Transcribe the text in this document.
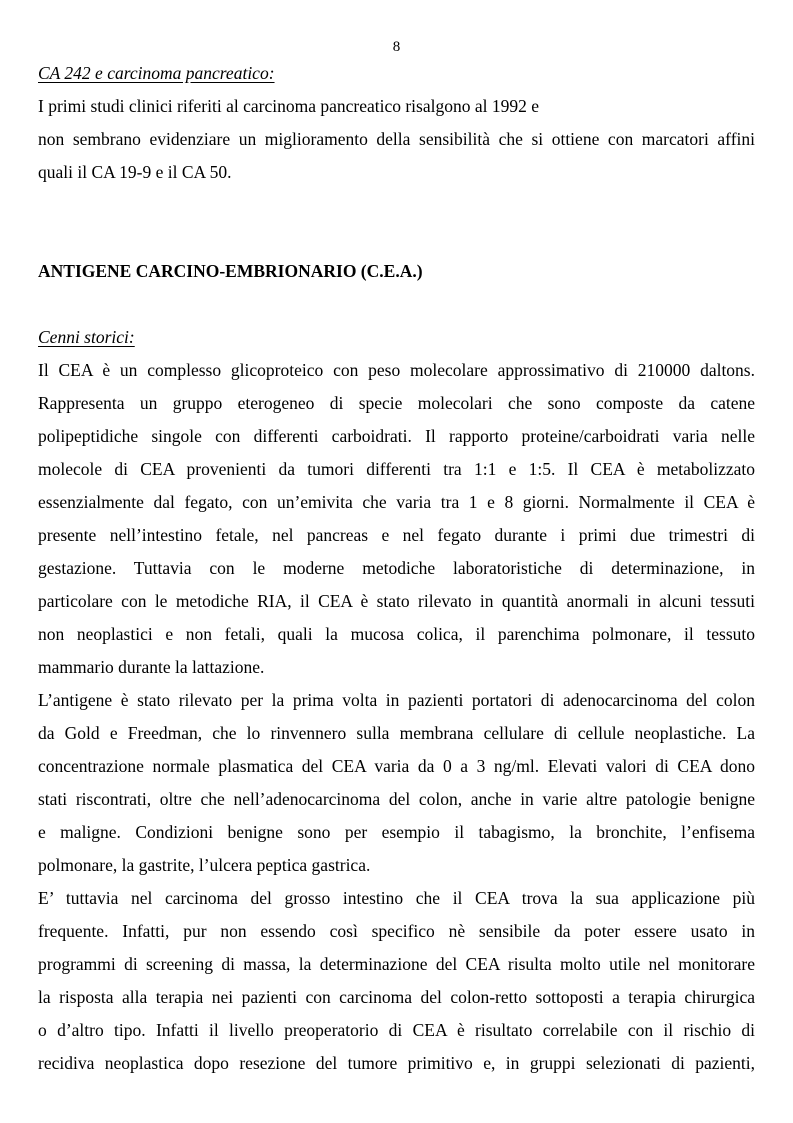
8
CA 242 e carcinoma pancreatico:
I primi studi clinici riferiti al carcinoma pancreatico risalgono al 1992 e
non sembrano evidenziare un miglioramento della sensibilità che si ottiene con marcatori affini
quali il CA 19-9 e il CA 50.
ANTIGENE CARCINO-EMBRIONARIO (C.E.A.)
Cenni storici:
Il CEA è un complesso glicoproteico con peso molecolare approssimativo di 210000 daltons.
Rappresenta un gruppo eterogeneo di specie molecolari che sono composte da catene
polipeptidiche singole con differenti carboidrati. Il rapporto proteine/carboidrati varia nelle
molecole di CEA provenienti da tumori differenti tra 1:1 e 1:5. Il CEA è metabolizzato
essenzialmente dal fegato, con un’emivita che varia tra 1 e 8 giorni. Normalmente il CEA è
presente nell’intestino fetale, nel pancreas e nel fegato durante i primi due trimestri di
gestazione. Tuttavia con le moderne metodiche laboratoristiche di determinazione, in
particolare con le metodiche RIA, il CEA è stato rilevato in quantità anormali in alcuni tessuti
non neoplastici e non fetali, quali la mucosa colica, il parenchima polmonare, il tessuto
mammario durante la lattazione.
L’antigene è stato rilevato per la prima volta in pazienti portatori di adenocarcinoma del colon
da Gold e Freedman, che lo rinvennero sulla membrana cellulare di cellule neoplastiche. La
concentrazione normale plasmatica del CEA varia da 0 a 3 ng/ml. Elevati valori di CEA dono
stati riscontrati, oltre che nell’adenocarcinoma del colon, anche in varie altre patologie benigne
e maligne. Condizioni benigne sono per esempio il tabagismo, la bronchite, l’enfisema
polmonare, la gastrite, l’ulcera peptica gastrica.
E’ tuttavia nel carcinoma del grosso intestino che il CEA trova la sua applicazione più
frequente. Infatti, pur non essendo così specifico nè sensibile da poter essere usato in
programmi di screening di massa, la determinazione del CEA risulta molto utile nel monitorare
la risposta alla terapia nei pazienti con carcinoma del colon-retto sottoposti a terapia chirurgica
o d’altro tipo. Infatti il livello preoperatorio di CEA è risultato correlabile con il rischio di
recidiva neoplastica dopo resezione del tumore primitivo e, in gruppi selezionati di pazienti,
